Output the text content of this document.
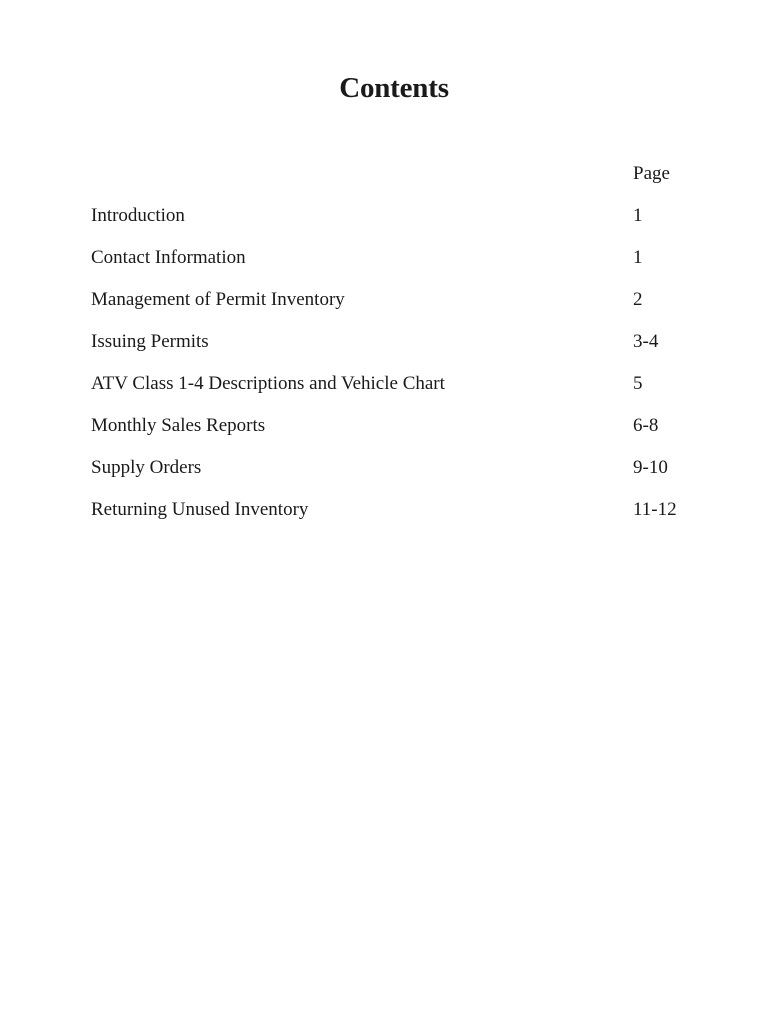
Contents
Page
Introduction	1
Contact Information	1
Management of Permit Inventory	2
Issuing Permits	3-4
ATV Class 1-4 Descriptions and Vehicle Chart	5
Monthly Sales Reports	6-8
Supply Orders	9-10
Returning Unused Inventory	11-12
